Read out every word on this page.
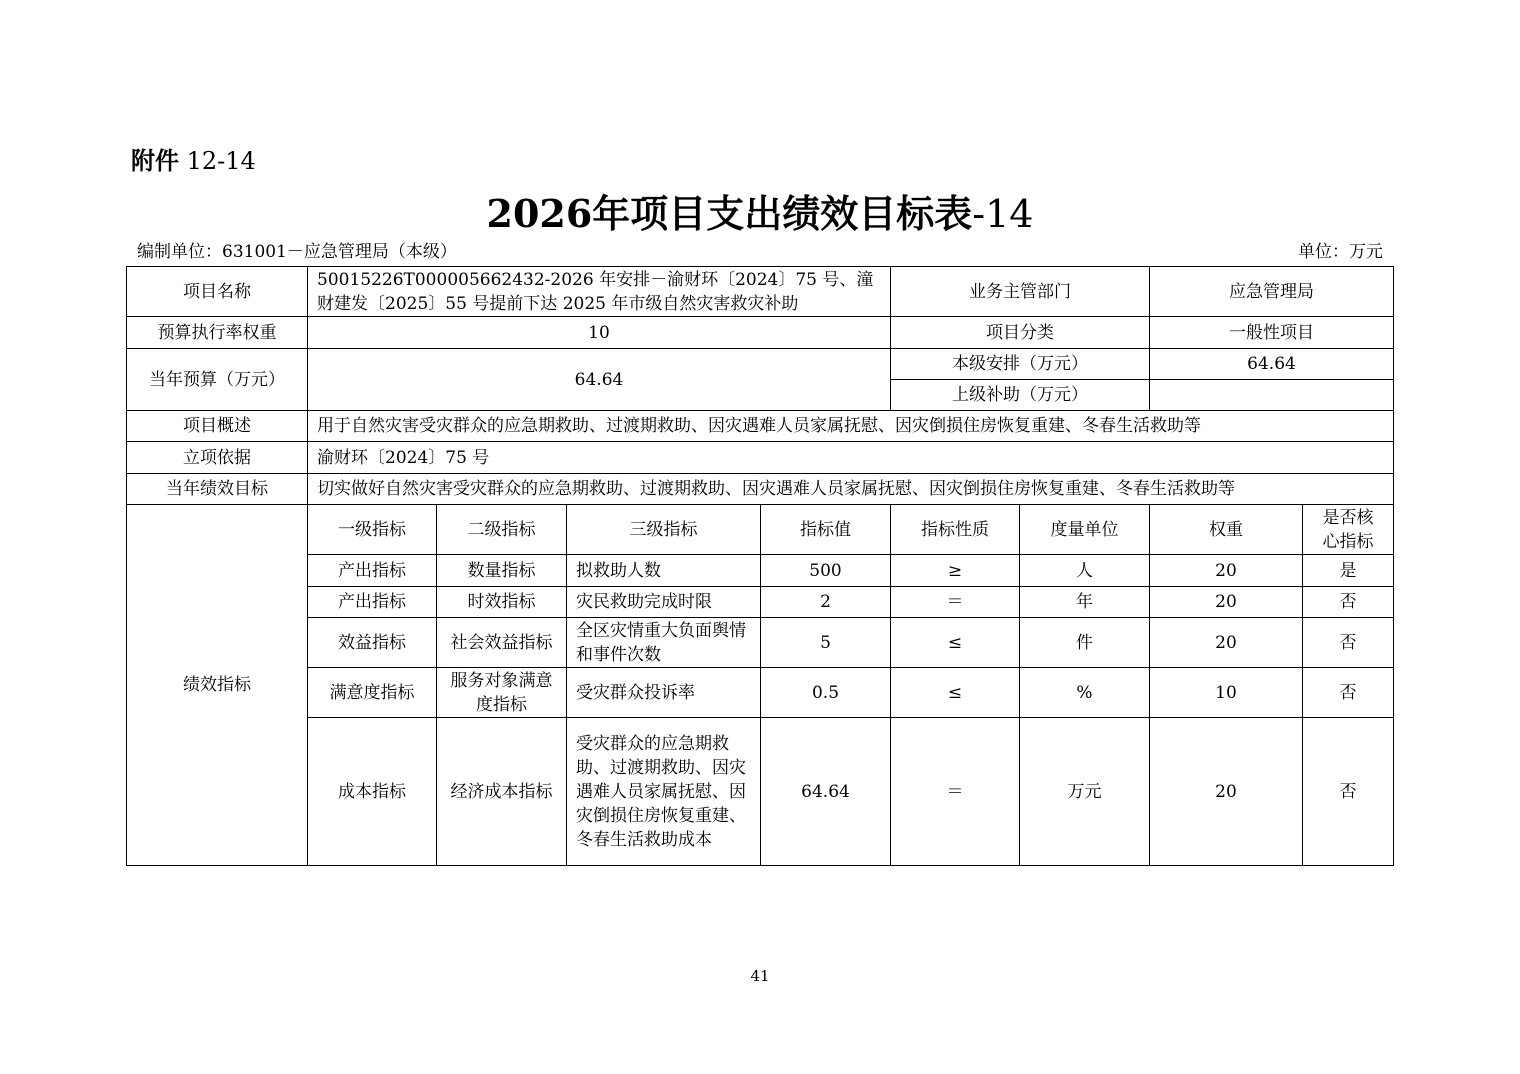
附件 12-14
2026年项目支出绩效目标表-14
编制单位：631001－应急管理局（本级）	单位：万元
项目名称	50015226T000005662432-2026 年安排－渝财环〔2024〕75 号、潼财建发〔2025〕55 号提前下达 2025 年市级自然灾害救灾补助				业务主管部门		应急管理局	
预算执行率权重	10				项目分类		一般性项目	
当年预算（万元）	64.64				本级安排（万元）		64.64	
					上级补助（万元）			
项目概述	用于自然灾害受灾群众的应急期救助、过渡期救助、因灾遇难人员家属抚慰、因灾倒损住房恢复重建、冬春生活救助等							
立项依据	渝财环〔2024〕75 号							
当年绩效目标	切实做好自然灾害受灾群众的应急期救助、过渡期救助、因灾遇难人员家属抚慰、因灾倒损住房恢复重建、冬春生活救助等							
绩效指标	一级指标	二级指标	三级指标	指标值	指标性质	度量单位	权重	是否核心指标
	产出指标	数量指标	拟救助人数	500	≥	人	20	是
	产出指标	时效指标	灾民救助完成时限	2	＝	年	20	否
	效益指标	社会效益指标	全区灾情重大负面舆情和事件次数	5	≤	件	20	否
	满意度指标	服务对象满意度指标	受灾群众投诉率	0.5	≤	%	10	否
	成本指标	经济成本指标	受灾群众的应急期救助、过渡期救助、因灾遇难人员家属抚慰、因灾倒损住房恢复重建、冬春生活救助成本	64.64	＝	万元	20	否
41
